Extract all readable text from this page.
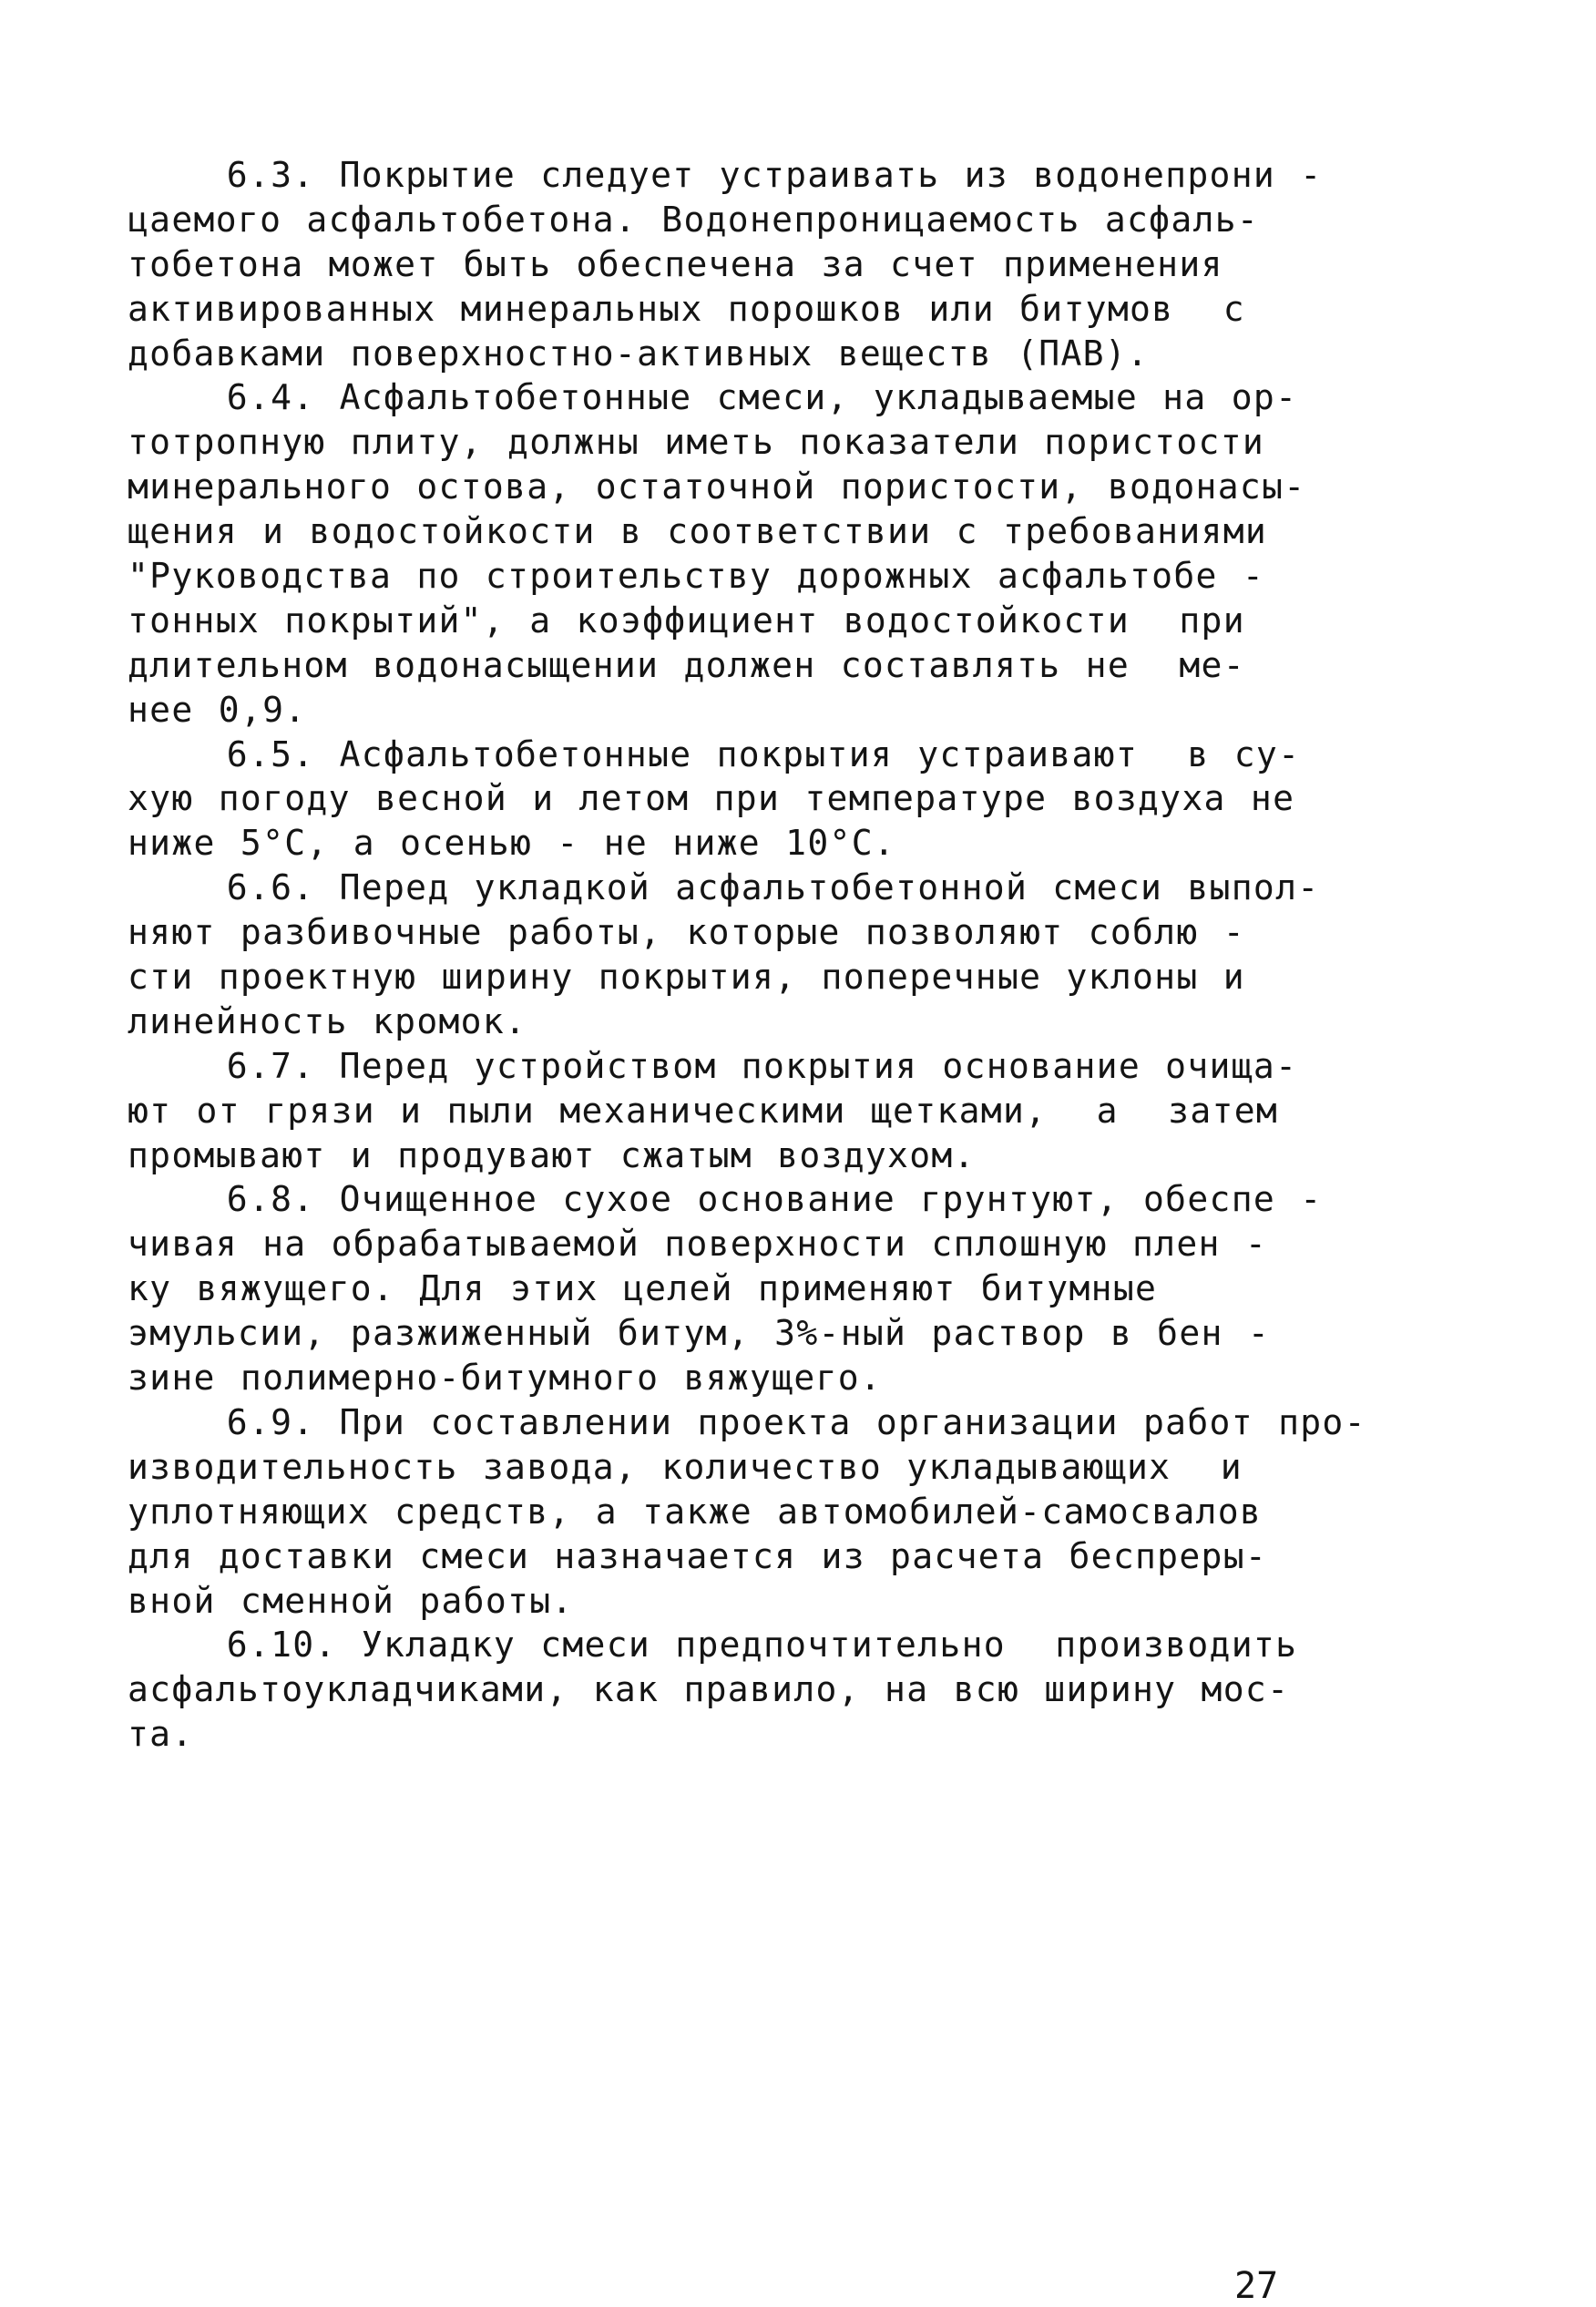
6.3. Покрытие следует устраивать из водонепрони -
цаемого асфальтобетона. Водонепроницаемость асфаль-
тобетона может быть обеспечена за счет применения
активированных минеральных порошков или битумов  с
добавками поверхностно-активных веществ (ПАВ).
6.4. Асфальтобетонные смеси, укладываемые на ор-
тотропную плиту, должны иметь показатели пористости
минерального остова, остаточной пористости, водонасы-
щения и водостойкости в соответствии с требованиями
"Руководства по строительству дорожных асфальтобе -
тонных покрытий", а коэффициент водостойкости  при
длительном водонасыщении должен составлять не  ме-
нее 0,9.
6.5. Асфальтобетонные покрытия устраивают  в су-
хую погоду весной и летом при температуре воздуха не
ниже 5°С, а осенью - не ниже 10°С.
6.6. Перед укладкой асфальтобетонной смеси выпол-
няют разбивочные работы, которые позволяют соблю -
сти проектную ширину покрытия, поперечные уклоны и
линейность кромок.
6.7. Перед устройством покрытия основание очища-
ют от грязи и пыли механическими щетками,  а  затем
промывают и продувают сжатым воздухом.
6.8. Очищенное сухое основание грунтуют, обеспе -
чивая на обрабатываемой поверхности сплошную плен -
ку вяжущего. Для этих целей применяют битумные
эмульсии, разжиженный битум, 3%-ный раствор в бен -
зине полимерно-битумного вяжущего.
6.9. При составлении проекта организации работ про-
изводительность завода, количество укладывающих  и
уплотняющих средств, а также автомобилей-самосвалов
для доставки смеси назначается из расчета беспреры-
вной сменной работы.
6.10. Укладку смеси предпочтительно  производить
асфальтоукладчиками, как правило, на всю ширину мос-
та.
27
